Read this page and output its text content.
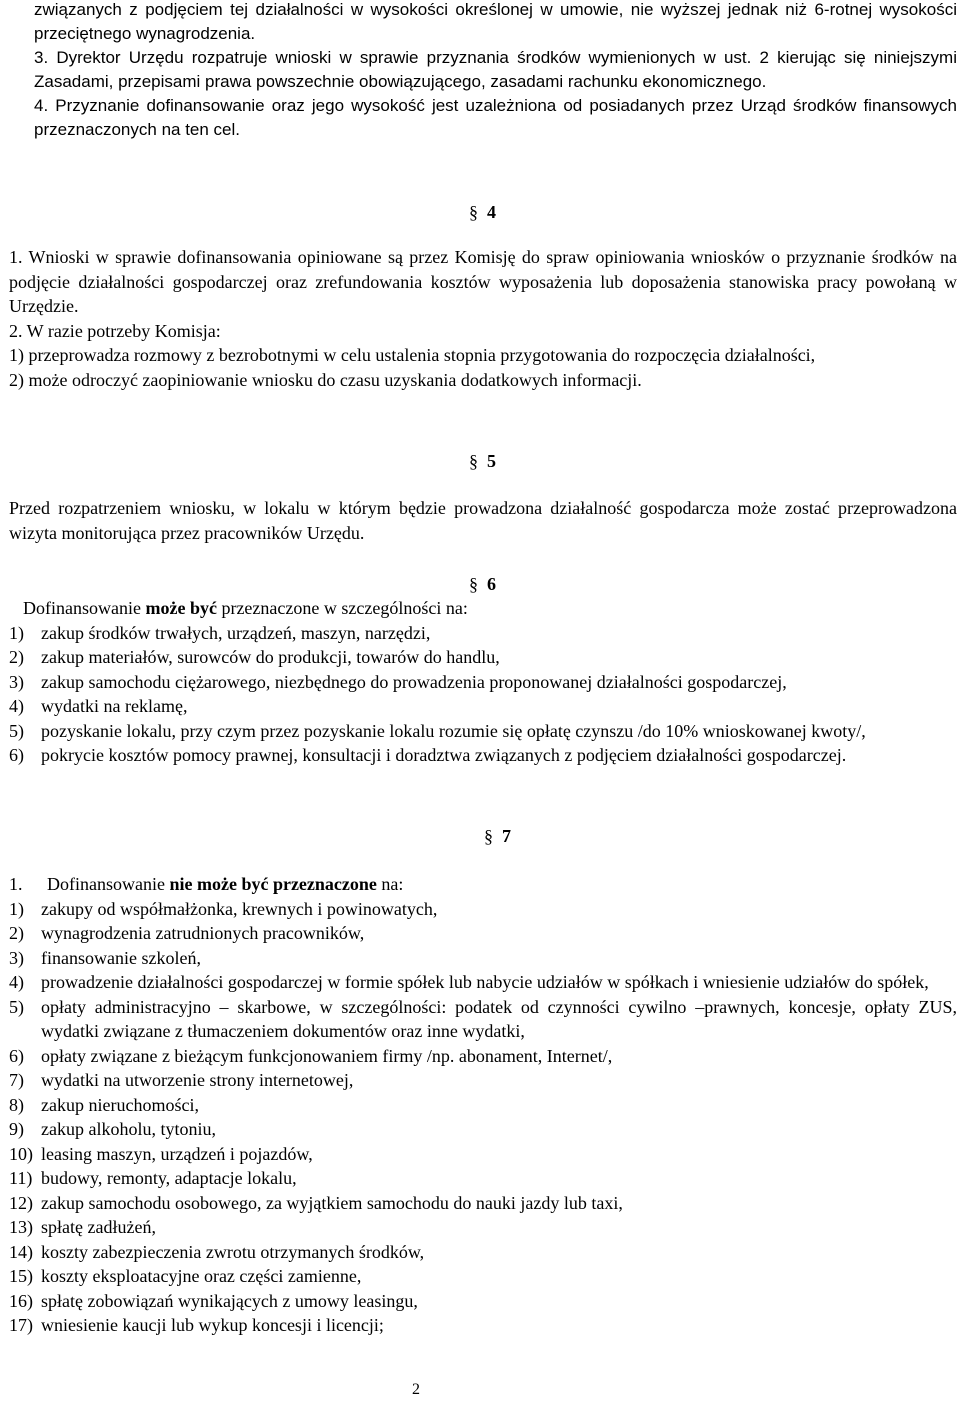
związanych z podjęciem tej działalności w wysokości określonej w umowie, nie wyższej jednak niż 6-rotnej wysokości przeciętnego wynagrodzenia.

3. Dyrektor Urzędu rozpatruje wnioski w sprawie przyznania środków wymienionych w ust. 2 kierując się niniejszymi Zasadami, przepisami prawa powszechnie obowiązującego, zasadami rachunku ekonomicznego.

4. Przyznanie dofinansowanie oraz jego wysokość jest uzależniona od posiadanych przez Urząd środków finansowych przeznaczonych na ten cel.

§ 4

1. Wnioski w sprawie dofinansowania opiniowane są przez Komisję do spraw opiniowania wniosków o przyznanie środków na podjęcie działalności gospodarczej oraz zrefundowania kosztów wyposażenia lub doposażenia stanowiska pracy powołaną w Urzędzie.

2. W razie potrzeby Komisja:

1) przeprowadza rozmowy z bezrobotnymi w celu ustalenia stopnia przygotowania do rozpoczęcia działalności,

2) może odroczyć zaopiniowanie wniosku do czasu uzyskania dodatkowych informacji.

§ 5

Przed rozpatrzeniem wniosku, w lokalu w którym będzie prowadzona działalność gospodarcza może zostać przeprowadzona wizyta monitorująca przez pracowników Urzędu.

§ 6

Dofinansowanie może być przeznaczone w szczególności na:

1) zakup środków trwałych, urządzeń, maszyn, narzędzi,
2) zakup materiałów, surowców do produkcji, towarów do handlu,
3) zakup samochodu ciężarowego, niezbędnego do prowadzenia proponowanej działalności gospodarczej,
4) wydatki na reklamę,
5) pozyskanie lokalu, przy czym przez pozyskanie lokalu rozumie się opłatę czynszu /do 10% wnioskowanej kwoty/,
6) pokrycie kosztów pomocy prawnej, konsultacji i doradztwa związanych z podjęciem działalności gospodarczej.
§ 7
1.	Dofinansowanie nie może być przeznaczone na:
1) zakupy od współmałżonka, krewnych i powinowatych,
2) wynagrodzenia zatrudnionych pracowników,
3) finansowanie szkoleń,
4) prowadzenie działalności gospodarczej w formie spółek lub nabycie udziałów w spółkach i wniesienie udziałów do spółek,
5) opłaty administracyjno – skarbowe, w szczególności: podatek od czynności cywilno –prawnych, koncesje, opłaty ZUS, wydatki związane z tłumaczeniem dokumentów oraz inne wydatki,
6) opłaty związane z bieżącym funkcjonowaniem firmy /np. abonament, Internet/,
7) wydatki na utworzenie strony internetowej,
8) zakup nieruchomości,
9) zakup alkoholu, tytoniu,
10) leasing maszyn, urządzeń i pojazdów,
11) budowy, remonty, adaptacje lokalu,
12) zakup samochodu osobowego, za wyjątkiem samochodu do nauki jazdy lub taxi,
13) spłatę zadłużeń,
14) koszty zabezpieczenia zwrotu otrzymanych środków,
15) koszty eksploatacyjne oraz części zamienne,
16) spłatę zobowiązań wynikających z umowy leasingu,
17) wniesienie kaucji lub wykup koncesji i licencji;
2
